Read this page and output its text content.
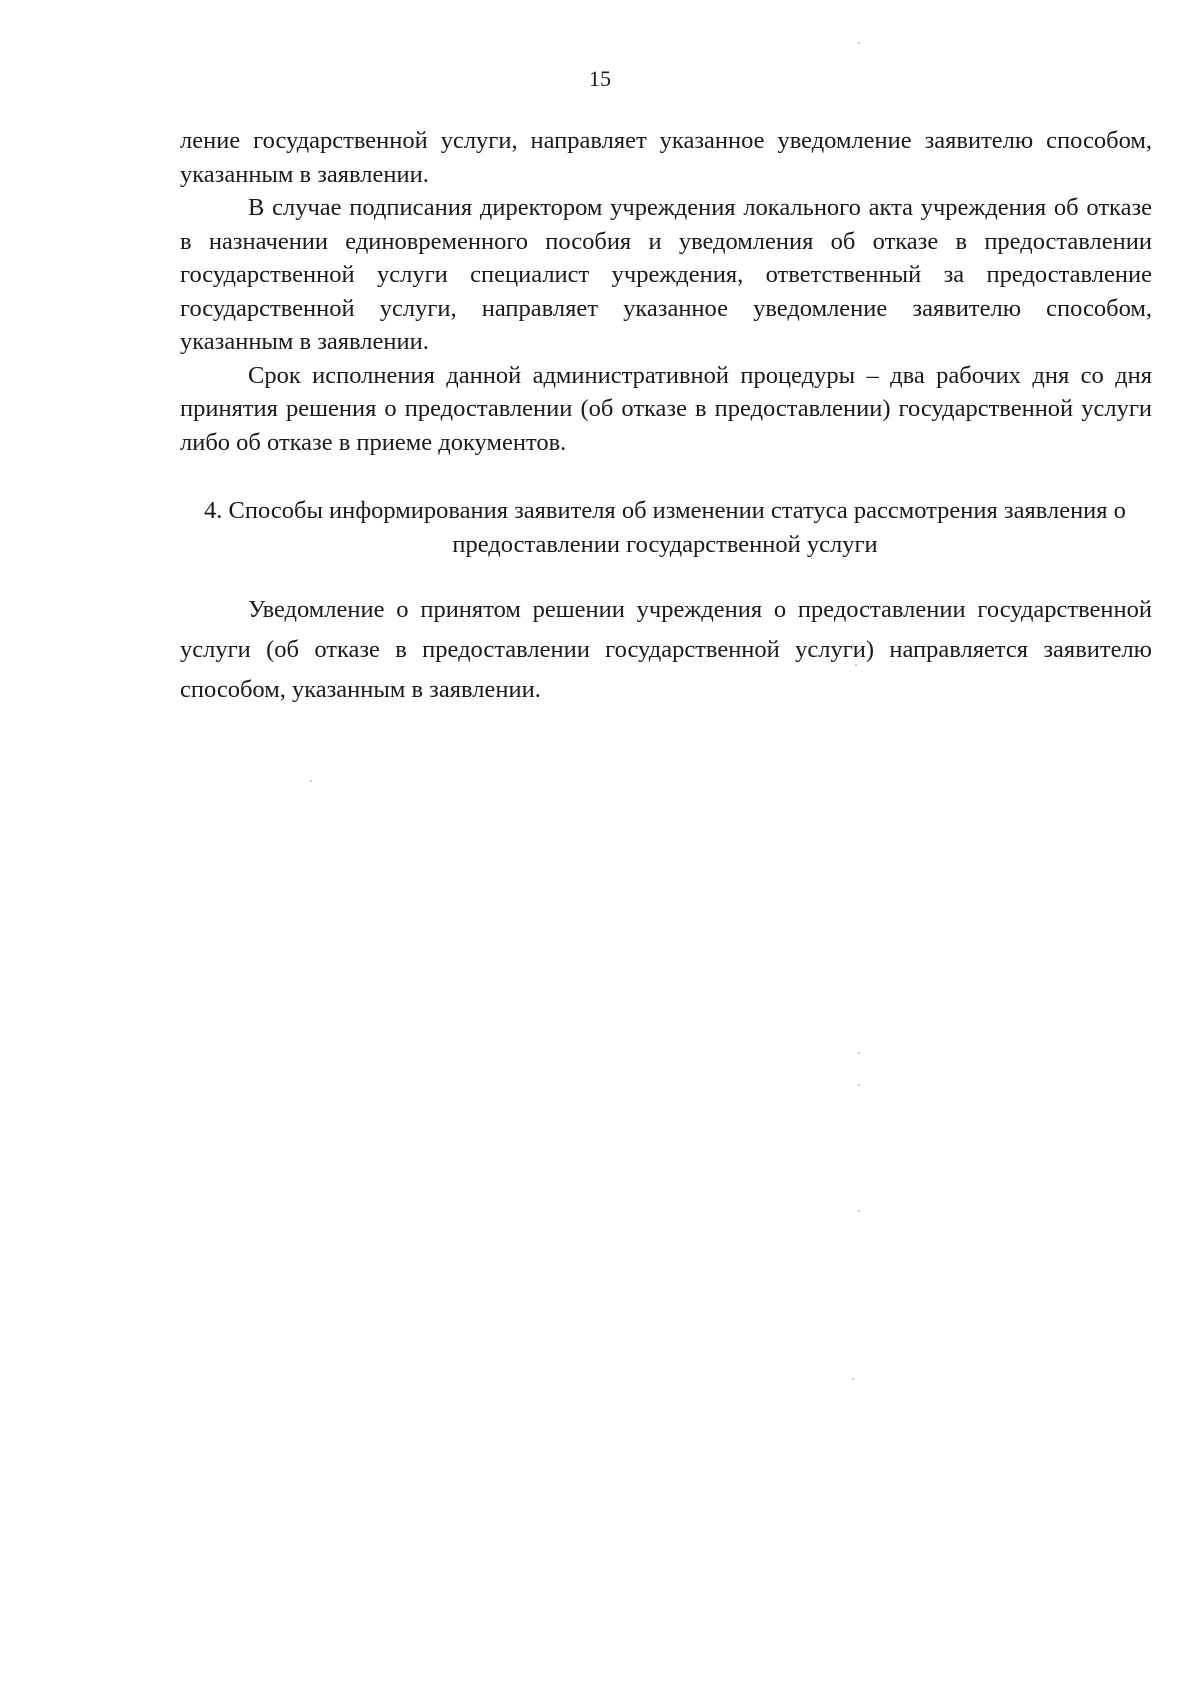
15

ление государственной услуги, направляет указанное уведомление заявителю способом, указанным в заявлении.

В случае подписания директором учреждения локального акта учреждения об отказе в назначении единовременного пособия и уведомления об отказе в предоставлении государственной услуги специалист учреждения, ответственный за предоставление государственной услуги, направляет указанное уведомление заявителю способом, указанным в заявлении.

Срок исполнения данной административной процедуры – два рабочих дня со дня принятия решения о предоставлении (об отказе в предоставлении) государственной услуги либо об отказе в приеме документов.

4. Способы информирования заявителя об изменении статуса рассмотрения заявления о предоставлении государственной услуги

Уведомление о принятом решении учреждения о предоставлении государственной услуги (об отказе в предоставлении государственной услуги) направляется заявителю способом, указанным в заявлении.
